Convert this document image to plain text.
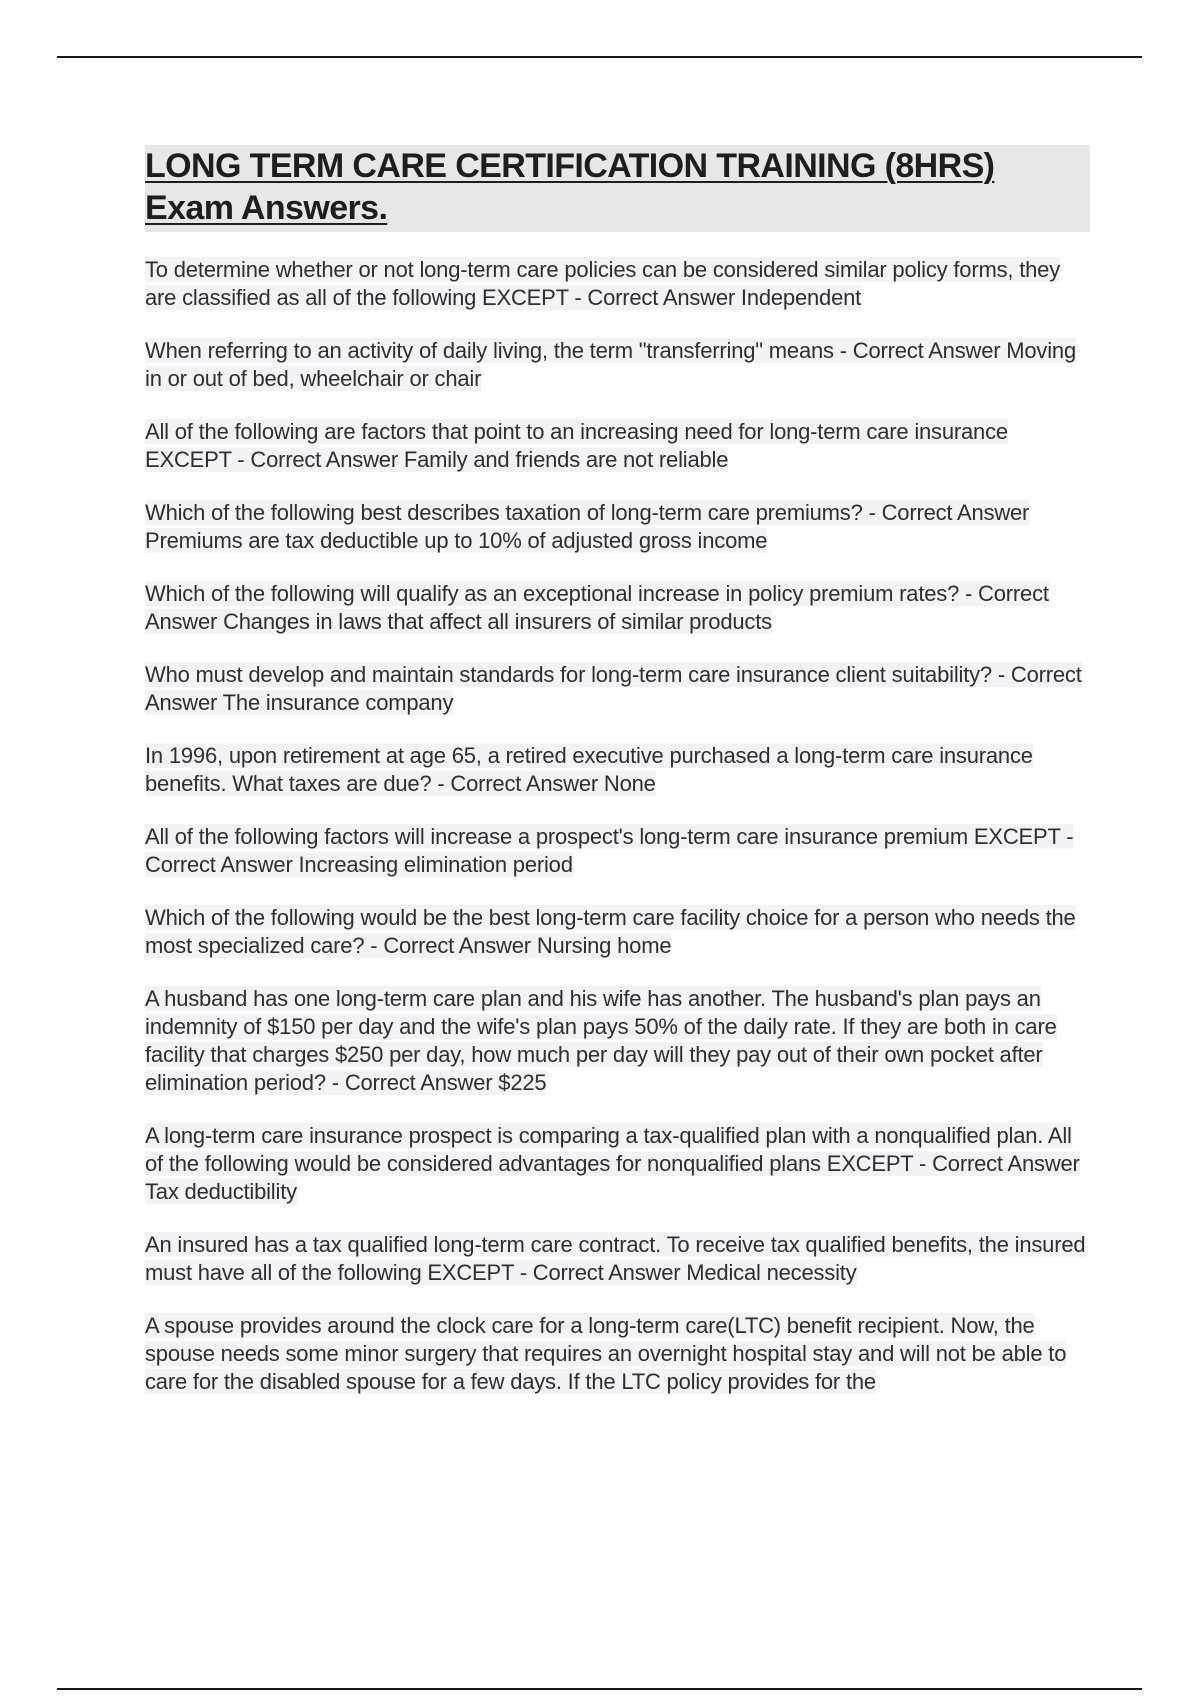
LONG TERM CARE CERTIFICATION TRAINING (8HRS)
Exam Answers.

To determine whether or not long-term care policies can be considered similar policy forms, they are classified as all of the following EXCEPT - Correct Answer Independent

When referring to an activity of daily living, the term "transferring" means - Correct Answer Moving in or out of bed, wheelchair or chair

All of the following are factors that point to an increasing need for long-term care insurance EXCEPT - Correct Answer Family and friends are not reliable

Which of the following best describes taxation of long-term care premiums? - Correct Answer Premiums are tax deductible up to 10% of adjusted gross income

Which of the following will qualify as an exceptional increase in policy premium rates? - Correct Answer Changes in laws that affect all insurers of similar products

Who must develop and maintain standards for long-term care insurance client suitability? - Correct Answer The insurance company

In 1996, upon retirement at age 65, a retired executive purchased a long-term care insurance benefits. What taxes are due? - Correct Answer None

All of the following factors will increase a prospect's long-term care insurance premium EXCEPT - Correct Answer Increasing elimination period

Which of the following would be the best long-term care facility choice for a person who needs the most specialized care? - Correct Answer Nursing home

A husband has one long-term care plan and his wife has another. The husband's plan pays an indemnity of $150 per day and the wife's plan pays 50% of the daily rate. If they are both in care facility that charges $250 per day, how much per day will they pay out of their own pocket after elimination period? - Correct Answer $225

A long-term care insurance prospect is comparing a tax-qualified plan with a nonqualified plan. All of the following would be considered advantages for nonqualified plans EXCEPT - Correct Answer Tax deductibility

An insured has a tax qualified long-term care contract. To receive tax qualified benefits, the insured must have all of the following EXCEPT - Correct Answer Medical necessity

A spouse provides around the clock care for a long-term care(LTC) benefit recipient. Now, the spouse needs some minor surgery that requires an overnight hospital stay and will not be able to care for the disabled spouse for a few days. If the LTC policy provides for the
